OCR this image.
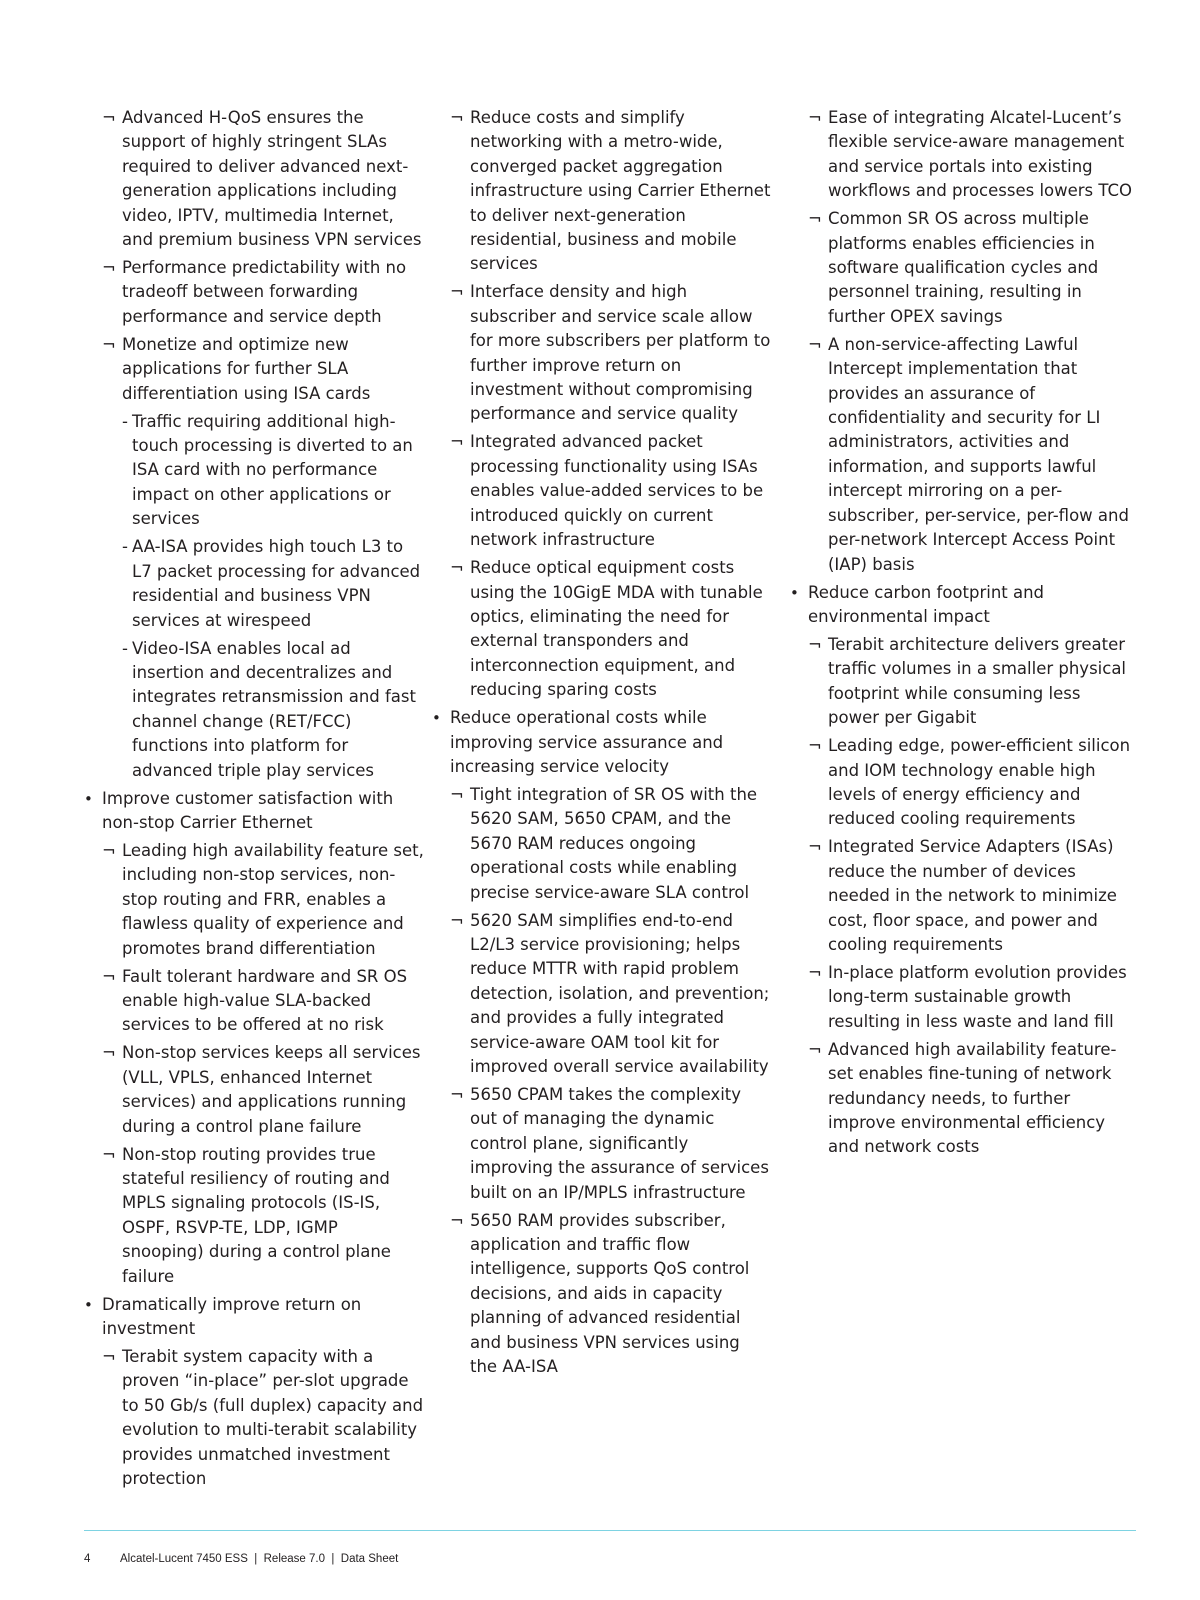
¬ Advanced H-QoS ensures the support of highly stringent SLAs required to deliver advanced next-generation applications including video, IPTV, multimedia Internet, and premium business VPN services
¬ Performance predictability with no tradeoff between forwarding performance and service depth
¬ Monetize and optimize new applications for further SLA differentiation using ISA cards
- Traffic requiring additional high-touch processing is diverted to an ISA card with no performance impact on other applications or services
- AA-ISA provides high touch L3 to L7 packet processing for advanced residential and business VPN services at wirespeed
- Video-ISA enables local ad insertion and decentralizes and integrates retransmission and fast channel change (RET/FCC) functions into platform for advanced triple play services
• Improve customer satisfaction with non-stop Carrier Ethernet
¬ Leading high availability feature set, including non-stop services, non-stop routing and FRR, enables a flawless quality of experience and promotes brand differentiation
¬ Fault tolerant hardware and SR OS enable high-value SLA-backed services to be offered at no risk
¬ Non-stop services keeps all services (VLL, VPLS, enhanced Internet services) and applications running during a control plane failure
¬ Non-stop routing provides true stateful resiliency of routing and MPLS signaling protocols (IS-IS, OSPF, RSVP-TE, LDP, IGMP snooping) during a control plane failure
• Dramatically improve return on investment
¬ Terabit system capacity with a proven “in-place” per-slot upgrade to 50 Gb/s (full duplex) capacity and evolution to multi-terabit scalability provides unmatched investment protection
¬ Reduce costs and simplify networking with a metro-wide, converged packet aggregation infrastructure using Carrier Ethernet to deliver next-generation residential, business and mobile services
¬ Interface density and high subscriber and service scale allow for more subscribers per platform to further improve return on investment without compromising performance and service quality
¬ Integrated advanced packet processing functionality using ISAs enables value-added services to be introduced quickly on current network infrastructure
¬ Reduce optical equipment costs using the 10GigE MDA with tunable optics, eliminating the need for external transponders and interconnection equipment, and reducing sparing costs
• Reduce operational costs while improving service assurance and increasing service velocity
¬ Tight integration of SR OS with the 5620 SAM, 5650 CPAM, and the 5670 RAM reduces ongoing operational costs while enabling precise service-aware SLA control
¬ 5620 SAM simplifies end-to-end L2/L3 service provisioning; helps reduce MTTR with rapid problem detection, isolation, and prevention; and provides a fully integrated service-aware OAM tool kit for improved overall service availability
¬ 5650 CPAM takes the complexity out of managing the dynamic control plane, significantly improving the assurance of services built on an IP/MPLS infrastructure
¬ 5650 RAM provides subscriber, application and traffic flow intelligence, supports QoS control decisions, and aids in capacity planning of advanced residential and business VPN services using the AA-ISA
¬ Ease of integrating Alcatel-Lucent’s flexible service-aware management and service portals into existing workflows and processes lowers TCO
¬ Common SR OS across multiple platforms enables efficiencies in software qualification cycles and personnel training, resulting in further OPEX savings
¬ A non-service-affecting Lawful Intercept implementation that provides an assurance of confidentiality and security for LI administrators, activities and information, and supports lawful intercept mirroring on a per-subscriber, per-service, per-flow and per-network Intercept Access Point (IAP) basis
• Reduce carbon footprint and environmental impact
¬ Terabit architecture delivers greater traffic volumes in a smaller physical footprint while consuming less power per Gigabit
¬ Leading edge, power-efficient silicon and IOM technology enable high levels of energy efficiency and reduced cooling requirements
¬ Integrated Service Adapters (ISAs) reduce the number of devices needed in the network to minimize cost, floor space, and power and cooling requirements
¬ In-place platform evolution provides long-term sustainable growth resulting in less waste and land fill
¬ Advanced high availability feature-set enables fine-tuning of network redundancy needs, to further improve environmental efficiency and network costs
4	Alcatel-Lucent 7450 ESS  |  Release 7.0  |  Data Sheet
